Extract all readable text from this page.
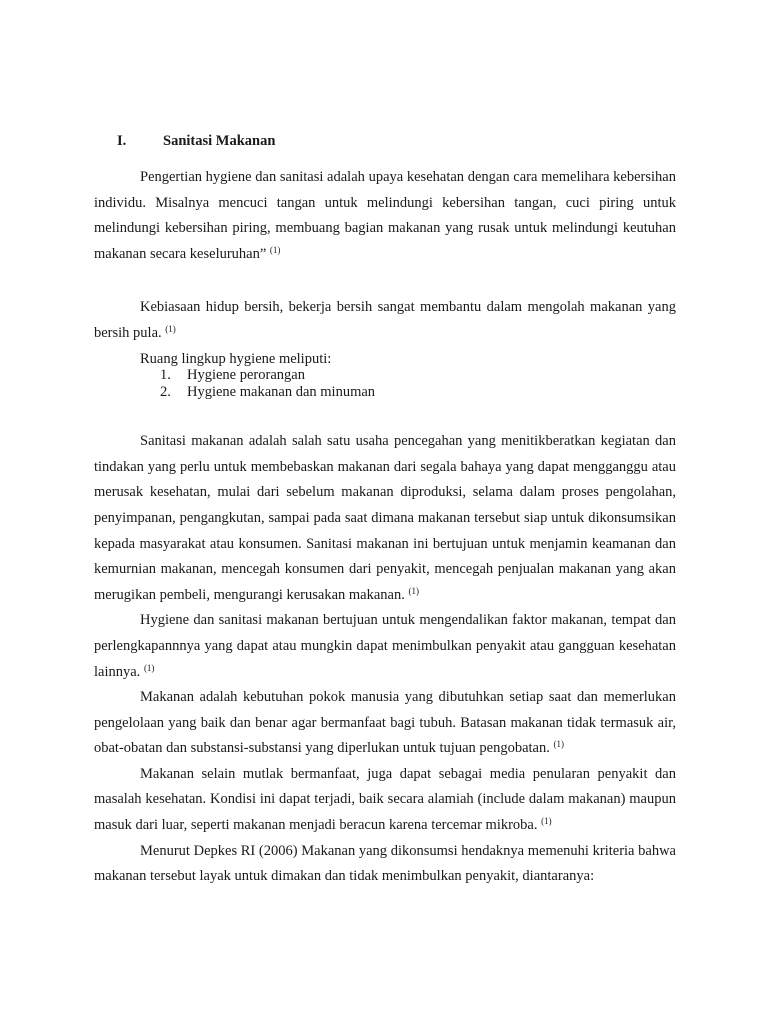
I.	Sanitasi Makanan

Pengertian hygiene dan sanitasi adalah upaya kesehatan dengan cara memelihara kebersihan individu. Misalnya mencuci tangan untuk melindungi kebersihan tangan, cuci piring untuk melindungi kebersihan piring, membuang bagian makanan yang rusak untuk melindungi keutuhan makanan secara keseluruhan” $^{(1)}$

Kebiasaan hidup bersih, bekerja bersih sangat membantu dalam mengolah makanan yang bersih pula. $^{(1)}$

Ruang lingkup hygiene meliputi:

1.	Hygiene perorangan
2.	Hygiene makanan dan minuman

Sanitasi makanan adalah salah satu usaha pencegahan yang menitikberatkan kegiatan dan tindakan yang perlu untuk membebaskan makanan dari segala bahaya yang dapat mengganggu atau merusak kesehatan, mulai dari sebelum makanan diproduksi, selama dalam proses pengolahan, penyimpanan, pengangkutan, sampai pada saat dimana makanan tersebut siap untuk dikonsumsikan kepada masyarakat atau konsumen. Sanitasi makanan ini bertujuan untuk menjamin keamanan dan kemurnian makanan, mencegah konsumen dari penyakit, mencegah penjualan makanan yang akan merugikan pembeli, mengurangi kerusakan makanan. $^{(1)}$

Hygiene dan sanitasi makanan bertujuan untuk mengendalikan faktor makanan, tempat dan perlengkapannnya yang dapat atau mungkin dapat menimbulkan penyakit atau gangguan kesehatan lainnya. $^{(1)}$

Makanan adalah kebutuhan pokok manusia yang dibutuhkan setiap saat dan memerlukan pengelolaan yang baik dan benar agar bermanfaat bagi tubuh. Batasan makanan tidak termasuk air, obat-obatan dan substansi-substansi yang diperlukan untuk tujuan pengobatan. $^{(1)}$

Makanan selain mutlak bermanfaat, juga dapat sebagai media penularan penyakit dan masalah kesehatan. Kondisi ini dapat terjadi, baik secara alamiah (include dalam makanan) maupun masuk dari luar, seperti makanan menjadi beracun karena tercemar mikroba. $^{(1)}$

Menurut Depkes RI (2006) Makanan yang dikonsumsi hendaknya memenuhi kriteria bahwa makanan tersebut layak untuk dimakan dan tidak menimbulkan penyakit, diantaranya:
